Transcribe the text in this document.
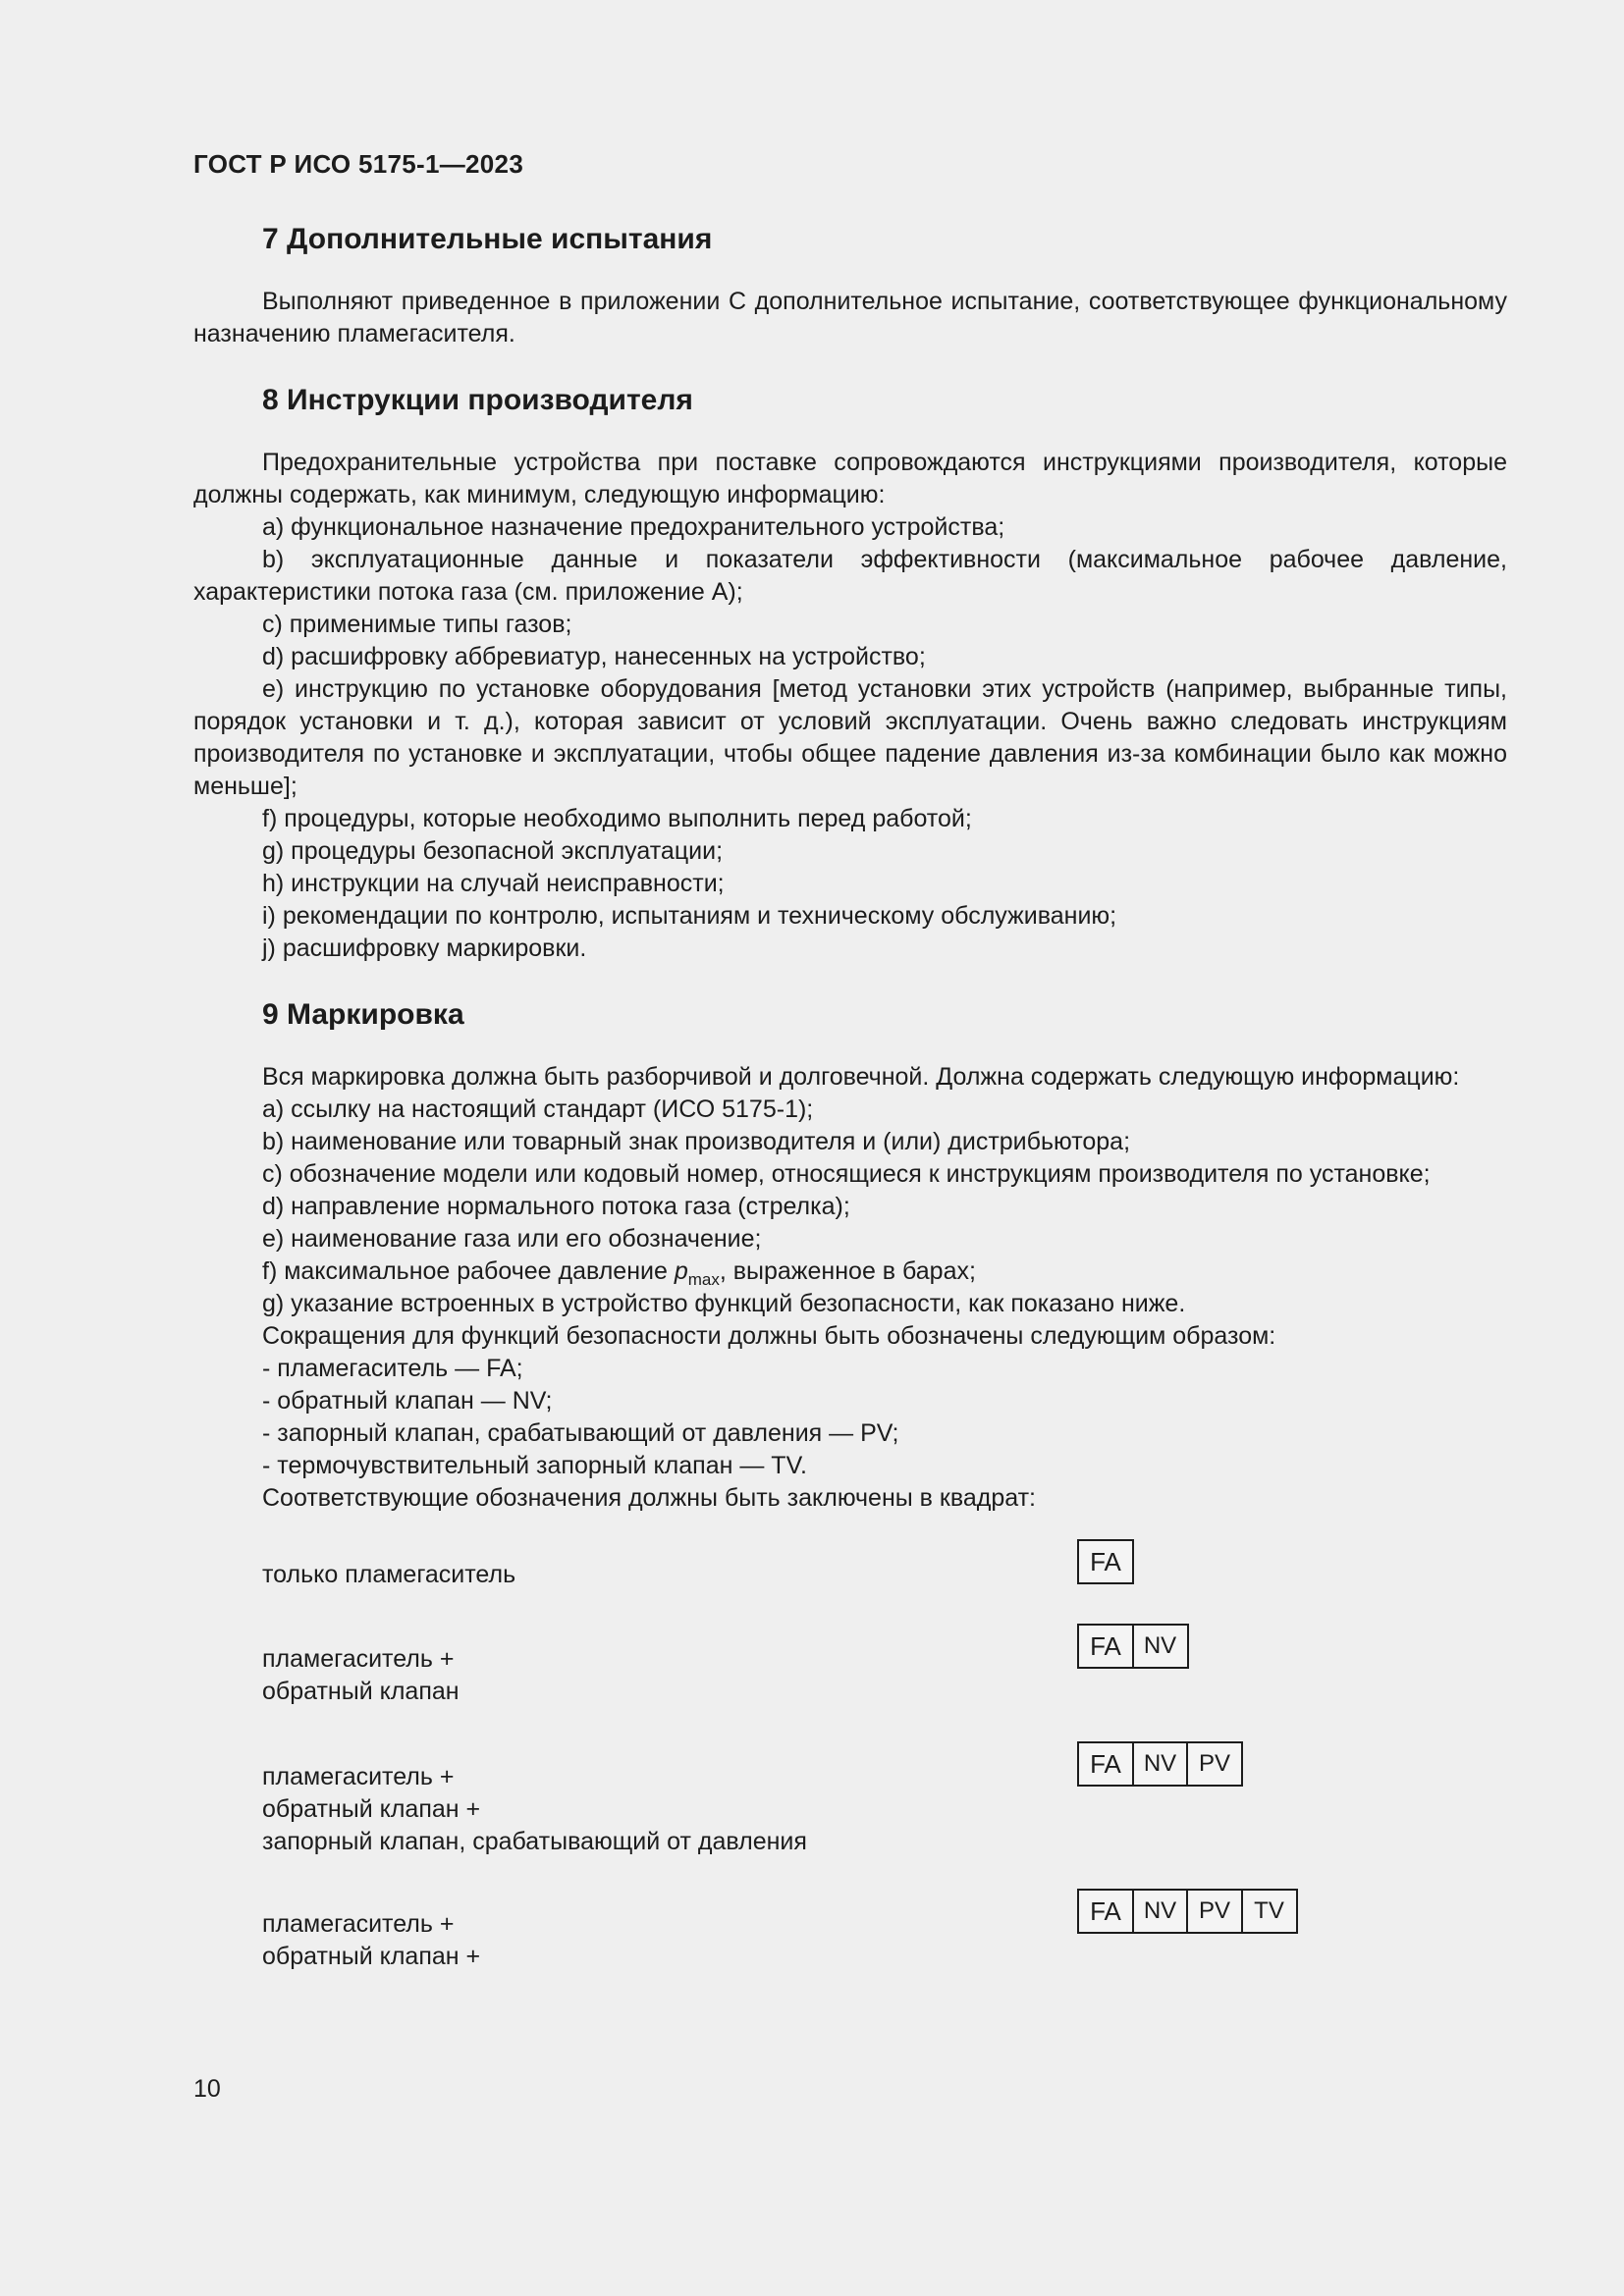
ГОСТ Р ИСО 5175-1—2023
7 Дополнительные испытания

Выполняют приведенное в приложении С дополнительное испытание, соответствующее функциональному назначению пламегасителя.

8 Инструкции производителя

Предохранительные устройства при поставке сопровождаются инструкциями производителя, которые должны содержать, как минимум, следующую информацию:

а) функциональное назначение предохранительного устройства;

b) эксплуатационные данные и показатели эффективности (максимальное рабочее давление, характеристики потока газа (см. приложение А);

c) применимые типы газов;

d) расшифровку аббревиатур, нанесенных на устройство;

e) инструкцию по установке оборудования [метод установки этих устройств (например, выбранные типы, порядок установки и т. д.), которая зависит от условий эксплуатации. Очень важно следовать инструкциям производителя по установке и эксплуатации, чтобы общее падение давления из-за комбинации было как можно меньше];

f) процедуры, которые необходимо выполнить перед работой;

g) процедуры безопасной эксплуатации;

h) инструкции на случай неисправности;

i) рекомендации по контролю, испытаниям и техническому обслуживанию;

j) расшифровку маркировки.

9 Маркировка

Вся маркировка должна быть разборчивой и долговечной. Должна содержать следующую информацию:

а) ссылку на настоящий стандарт (ИСО 5175-1);

b) наименование или товарный знак производителя и (или) дистрибьютора;

c) обозначение модели или кодовый номер, относящиеся к инструкциям производителя по установке;

d) направление нормального потока газа (стрелка);

e) наименование газа или его обозначение;

f) максимальное рабочее давление $p_{max}$, выраженное в барах;

g) указание встроенных в устройство функций безопасности, как показано ниже.

Сокращения для функций безопасности должны быть обозначены следующим образом:

- пламегаситель — FA;

- обратный клапан — NV;

- запорный клапан, срабатывающий от давления — PV;

- термочувствительный запорный клапан — TV.

Соответствующие обозначения должны быть заключены в квадрат:

только пламегаситель	FA
пламегаситель +
обратный клапан
FA NV
пламегаситель +
обратный клапан +
запорный клапан, срабатывающий от давления
FA NV PV
пламегаситель +
обратный клапан +
FA NV PV	TV
10
